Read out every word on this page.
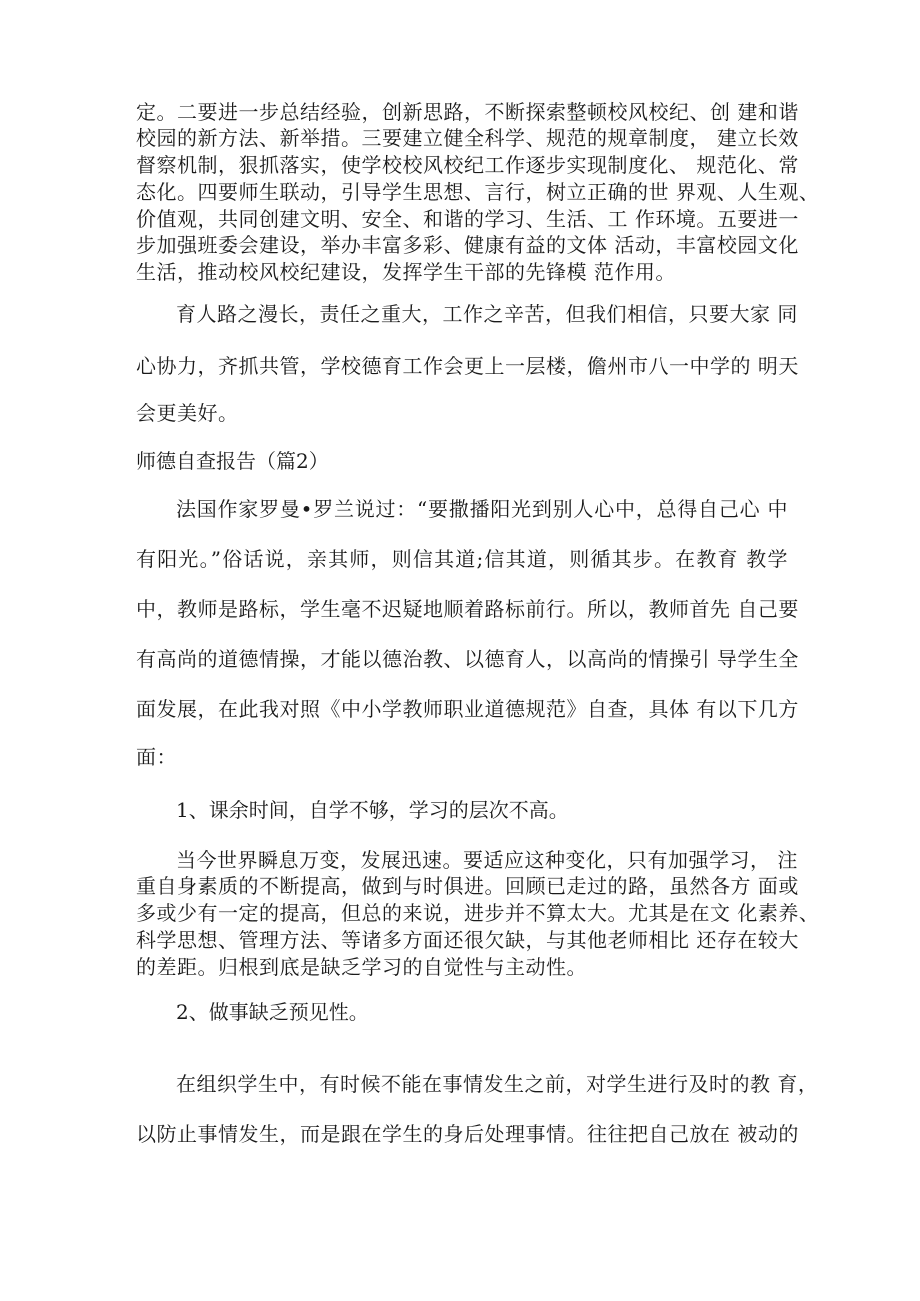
定。二要进一步总结经验，创新思路，不断探索整顿校风校纪、创 建和谐
校园的新方法、新举措。三要建立健全科学、规范的规章制度， 建立长效
督察机制，狠抓落实，使学校校风校纪工作逐步实现制度化、 规范化、常
态化。四要师生联动，引导学生思想、言行，树立正确的世 界观、人生观、
价值观，共同创建文明、安全、和谐的学习、生活、工 作环境。五要进一
步加强班委会建设，举办丰富多彩、健康有益的文体 活动，丰富校园文化
生活，推动校风校纪建设，发挥学生干部的先锋模 范作用。
育人路之漫长，责任之重大，工作之辛苦，但我们相信，只要大家 同
心协力，齐抓共管，学校德育工作会更上一层楼，儋州市八一中学的 明天
会更美好。
师德自查报告（篇2）
法国作家罗曼•罗兰说过：“要撒播阳光到别人心中，总得自己心 中
有阳光。”俗话说，亲其师，则信其道;信其道，则循其步。在教育 教学
中，教师是路标，学生毫不迟疑地顺着路标前行。所以，教师首先 自己要
有高尚的道德情操，才能以德治教、以德育人，以高尚的情操引 导学生全
面发展，在此我对照《中小学教师职业道德规范》自查，具体 有以下几方
面：
1、课余时间，自学不够，学习的层次不高。
当今世界瞬息万变，发展迅速。要适应这种变化，只有加强学习， 注
重自身素质的不断提高，做到与时俱进。回顾已走过的路，虽然各方 面或
多或少有一定的提高，但总的来说，进步并不算太大。尤其是在文 化素养、
科学思想、管理方法、等诸多方面还很欠缺，与其他老师相比 还存在较大
的差距。归根到底是缺乏学习的自觉性与主动性。
2、做事缺乏预见性。
在组织学生中，有时候不能在事情发生之前，对学生进行及时的教 育，
以防止事情发生，而是跟在学生的身后处理事情。往往把自己放在 被动的
